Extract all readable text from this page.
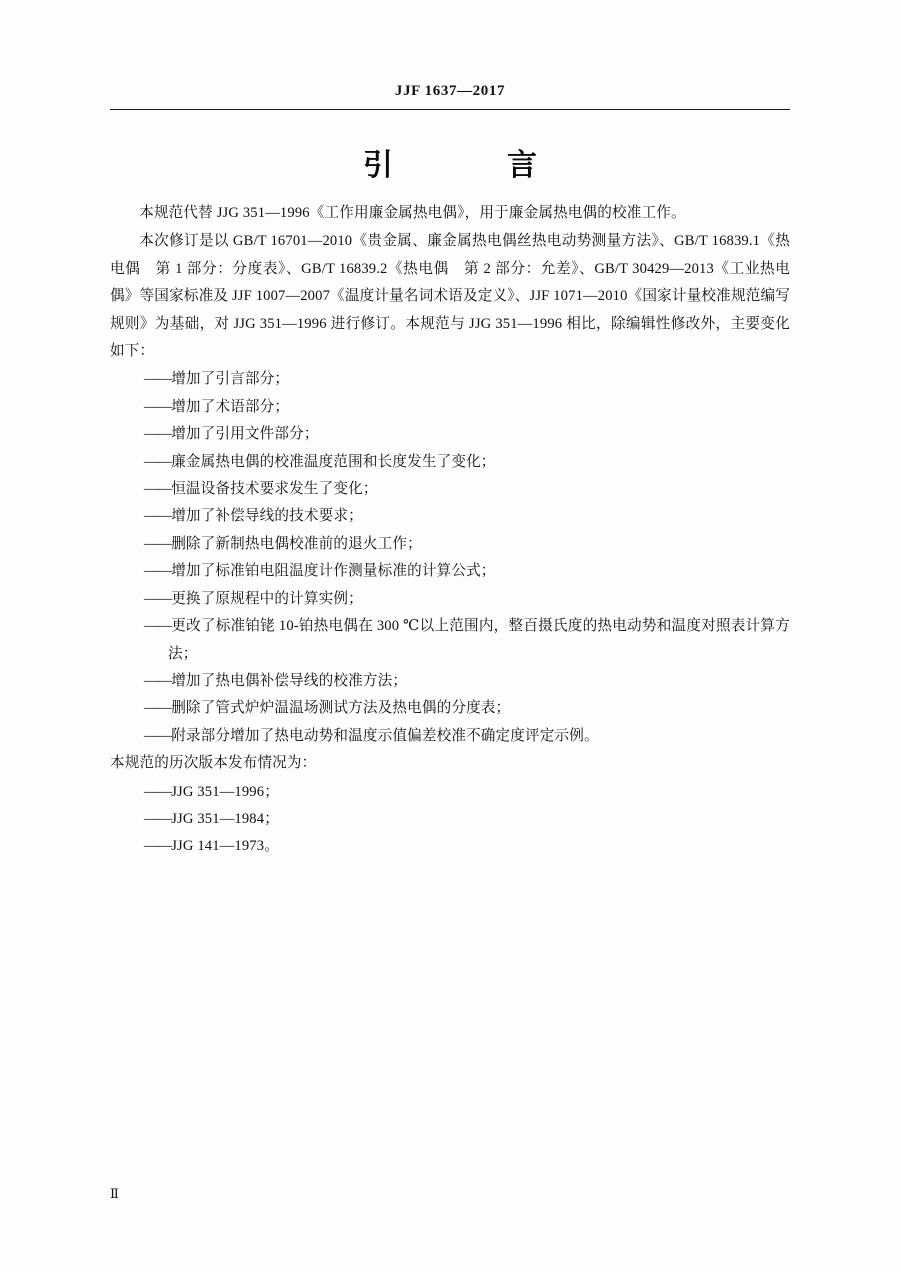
JJF 1637—2017
引　　言

本规范代替 JJG 351—1996《工作用廉金属热电偶》，用于廉金属热电偶的校准工作。

本次修订是以 GB/T 16701—2010《贵金属、廉金属热电偶丝热电动势测量方法》、GB/T 16839.1《热电偶　第 1 部分：分度表》、GB/T 16839.2《热电偶　第 2 部分：允差》、GB/T 30429—2013《工业热电偶》等国家标准及 JJF 1007—2007《温度计量名词术语及定义》、JJF 1071—2010《国家计量校准规范编写规则》为基础，对 JJG 351—1996 进行修订。本规范与 JJG 351—1996 相比，除编辑性修改外，主要变化如下：

——增加了引言部分；
——增加了术语部分；
——增加了引用文件部分；
——廉金属热电偶的校准温度范围和长度发生了变化；
——恒温设备技术要求发生了变化；
——增加了补偿导线的技术要求；
——删除了新制热电偶校准前的退火工作；
——增加了标准铂电阻温度计作测量标准的计算公式；
——更换了原规程中的计算实例；
——更改了标准铂铑 10-铂热电偶在 300 ℃以上范围内，整百摄氏度的热电动势和温度对照表计算方法；
——增加了热电偶补偿导线的校准方法；
——删除了管式炉炉温温场测试方法及热电偶的分度表；
——附录部分增加了热电动势和温度示值偏差校准不确定度评定示例。

本规范的历次版本发布情况为：

——JJG 351—1996；
——JJG 351—1984；
——JJG 141—1973。
Ⅱ
